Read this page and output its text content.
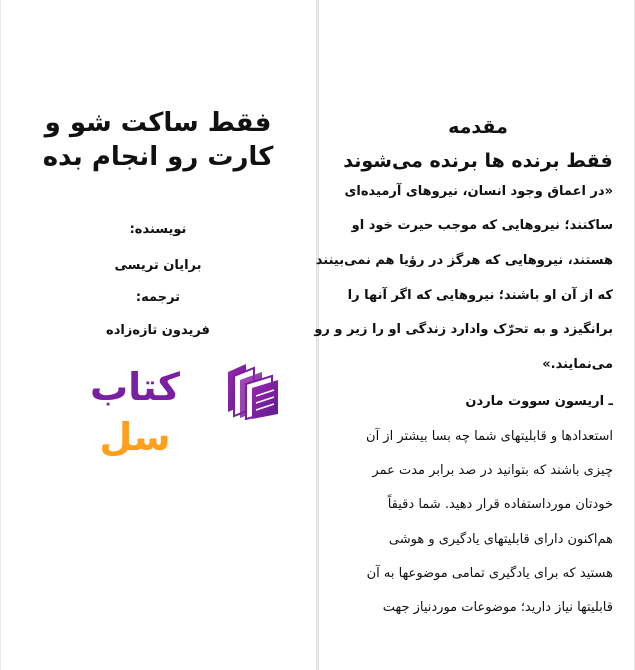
فقط ساکت شو و
کارت رو انجام بده

نویسنده:

برایان تریسی

ترجمه:

فریدون تازه‌زاده

کتاب سل
مقدمه
فقط برنده ها برنده می‌شوند

«در اعماق وجود انسان، نیروهای آرمیده‌ای

ساکنند؛ نیروهایی که موجب حیرت خود او

هستند، نیروهایی که هرگز در رؤیا هم نمی‌بینند

که از آن او باشند؛ نیروهایی که اگر آنها را

برانگیزد و به تحرّک وادارد زندگی او را زیر و رو

می‌نمایند.»

ـ اریسون سووت ماردن

استعدادها و قابلیتهای شما چه بسا بیشتر از آن

چیزی باشند که بتوانید در صد برابر مدت عمر

خودتان مورداستفاده قرار دهید. شما دقیقاً

هم‌اکنون دارای قابلیتهای یادگیری و هوشی

هستید که برای یادگیری تمامی موضوعها به آن

قابلیتها نیاز دارید؛ موضوعات موردنیاز جهت
